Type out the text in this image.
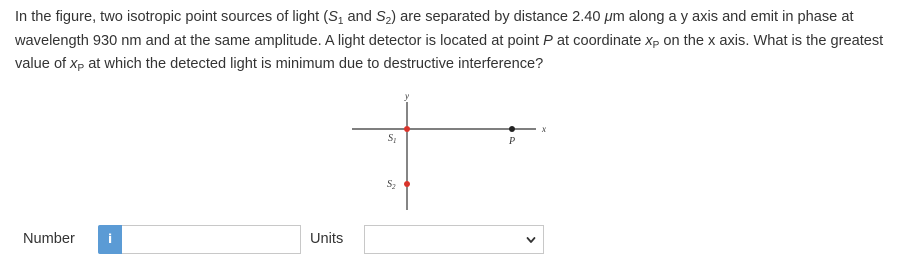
In the figure, two isotropic point sources of light ($S_1$ and $S_2$) are separated by distance 2.40 μm along a y axis and emit in phase at wavelength 930 nm and at the same amplitude. A light detector is located at point P at coordinate $x_P$ on the x axis. What is the greatest value of $x_P$ at which the detected light is minimum due to destructive interference?
y
x
$S_1$
$S_2$
P
Number	i	Units
